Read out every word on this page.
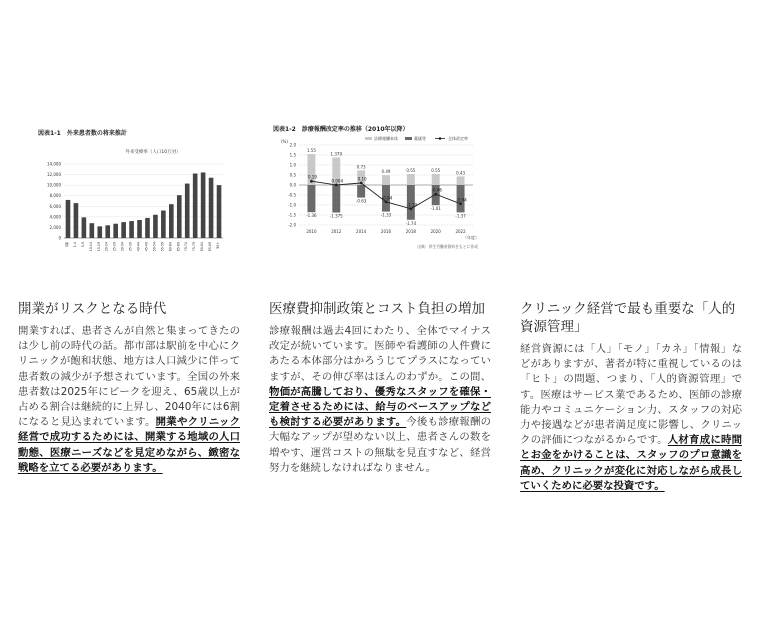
図表1-1　外来患者数の将来推計
外来受療率（人口10万対）
0
2,000
4,000
6,000
8,000
10,000
12,000
14,000
0歳 1-4 5-9 10-14 15-19 20-24 25-29 30-34 35-39 40-44 45-49 50-54 55-59 60-64 65-69 70-74 75-79 80-84 85-89 90+
図表1-2　診療報酬改定率の推移（2010年以降）
(%)
（年度）
出典：厚生労働省資料をもとに作成
2.0
1.5
1.0
0.5
0.0
-0.5
-1.0
-1.5
-2.0
診療報酬本体	薬価等	全体改定率
1.55
-1.36
2010
1.379
-1.375
2012
0.73
-0.63
2014
0.49
-1.33
2016
0.55
-1.74
2018
0.55
-1.01
2020
0.43
-1.37
2022
0.19
0.004	0.10
-0.84
-1.19
-0.46
-0.94
開業がリスクとなる時代

開業すれば、患者さんが自然と集まってきたのは少し前の時代の話。都市部は駅前を中心にクリニックが飽和状態、地方は人口減少に伴って患者数の減少が予想されています。全国の外来患者数は2025年にピークを迎え、65歳以上が占める割合は継続的に上昇し、2040年には6割になると見込まれています。開業やクリニック経営で成功するためには、開業する地域の人口動態、医療ニーズなどを見定めながら、緻密な戦略を立てる必要があります。

医療費抑制政策とコスト負担の増加

診療報酬は過去4回にわたり、全体でマイナス改定が続いています。医師や看護師の人件費にあたる本体部分はかろうじてプラスになっていますが、その伸び率はほんのわずか。この間、物価が高騰しており、優秀なスタッフを確保・定着させるためには、給与のベースアップなども検討する必要があります。今後も診療報酬の大幅なアップが望めない以上、患者さんの数を増やす、運営コストの無駄を見直すなど、経営努力を継続しなければなりません。

クリニック経営で最も重要な「人的資源管理」

経営資源には「人」「モノ」「カネ」「情報」などがありますが、著者が特に重視しているのは「ヒト」の問題、つまり、「人的資源管理」です。医療はサービス業であるため、医師の診療能力やコミュニケーション力、スタッフの対応力や接遇などが患者満足度に影響し、クリニックの評価につながるからです。人材育成に時間とお金をかけることは、スタッフのプロ意識を高め、クリニックが変化に対応しながら成長していくために必要な投資です。
